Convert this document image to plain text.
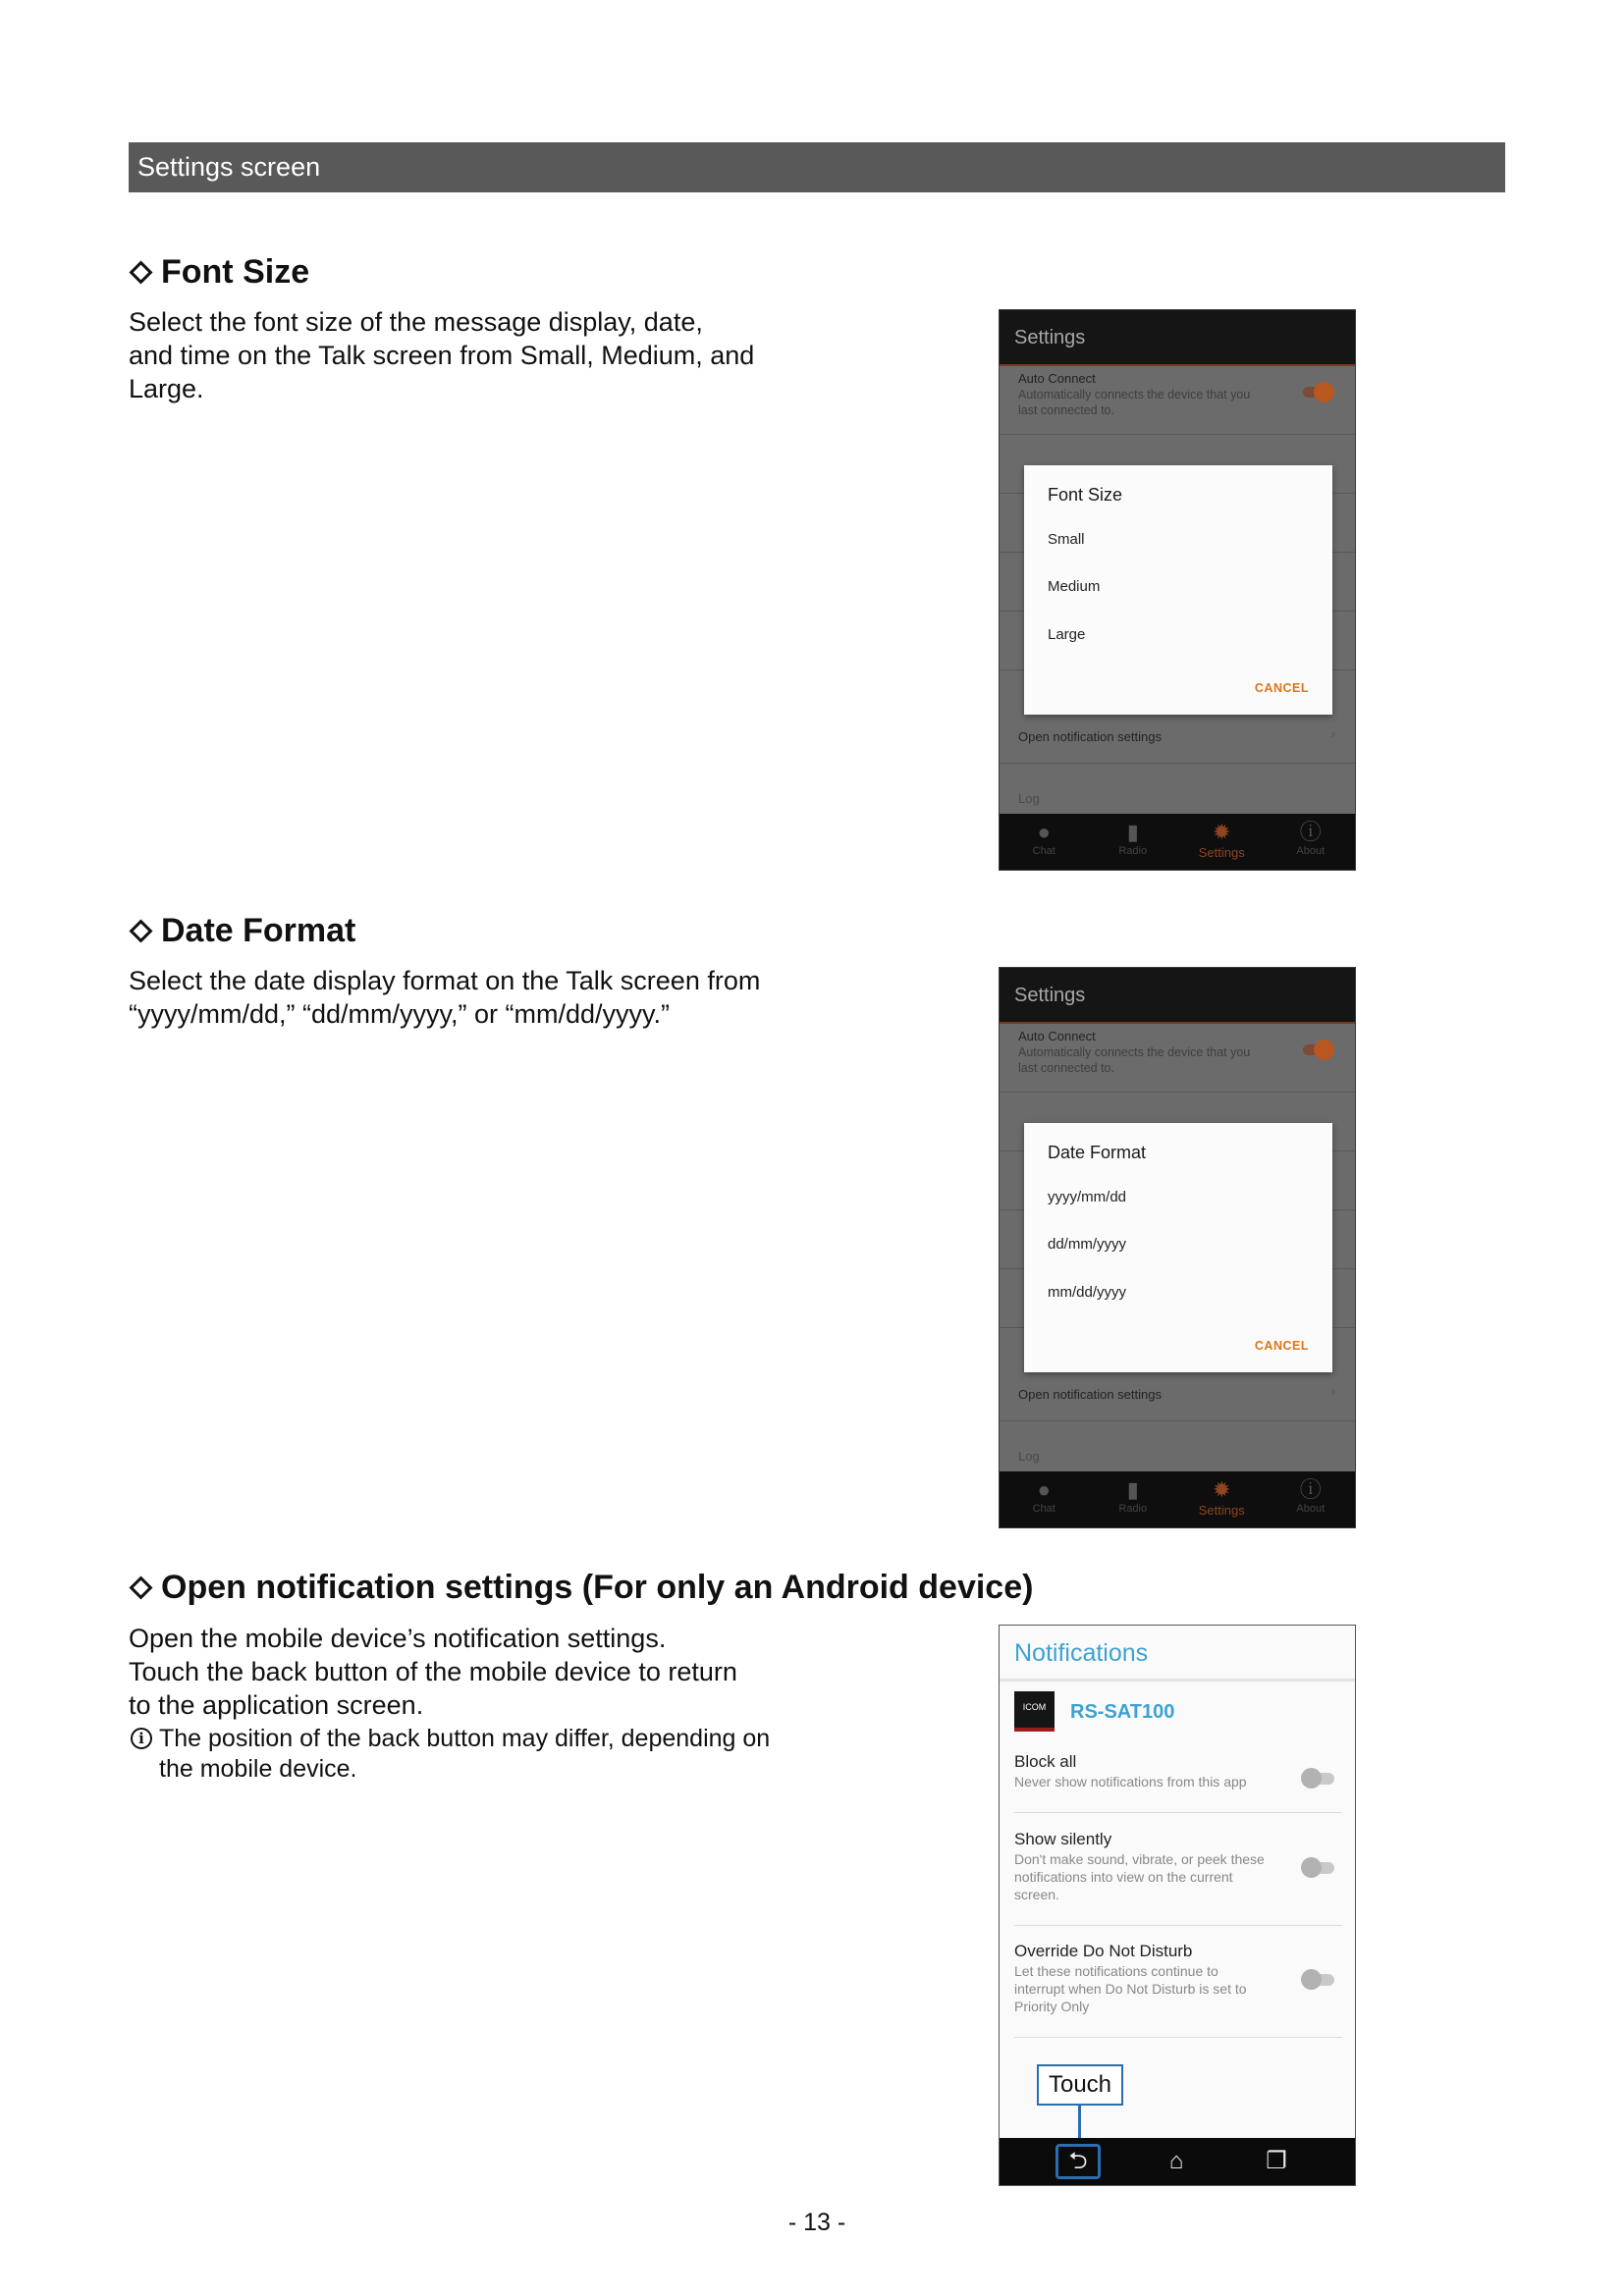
Settings screen
Font Size
Select the font size of the message display, date,
and time on the Talk screen from Small, Medium, and
Large.
Settings
Auto Connect
Automatically connects the device that you
last connected to.
Open notification settings	›
Log
Font Size
Small
Medium
Large
CANCEL
●
Chat
▮
Radio
✹
Settings
ⓘ
About
Date Format
Select the date display format on the Talk screen from
“yyyy/mm/dd,” “dd/mm/yyyy,” or “mm/dd/yyyy.”
Settings
Auto Connect
Automatically connects the device that you
last connected to.
Open notification settings	›
Log
Date Format
yyyy/mm/dd
dd/mm/yyyy
mm/dd/yyyy
CANCEL
●
Chat
▮
Radio
✹
Settings
ⓘ
About
Open notification settings (For only an Android device)
Open the mobile device’s notification settings.
Touch the back button of the mobile device to return
to the application screen.
i The position of the back button may differ, depending on
the mobile device.
Notifications
ICOM	RS-SAT100
Block all
Never show notifications from this app
Show silently
Don't make sound, vibrate, or peek these
notifications into view on the current
screen.
Override Do Not Disturb
Let these notifications continue to
interrupt when Do Not Disturb is set to
Priority Only
Touch
⮌	⌂	❐
- 13 -
